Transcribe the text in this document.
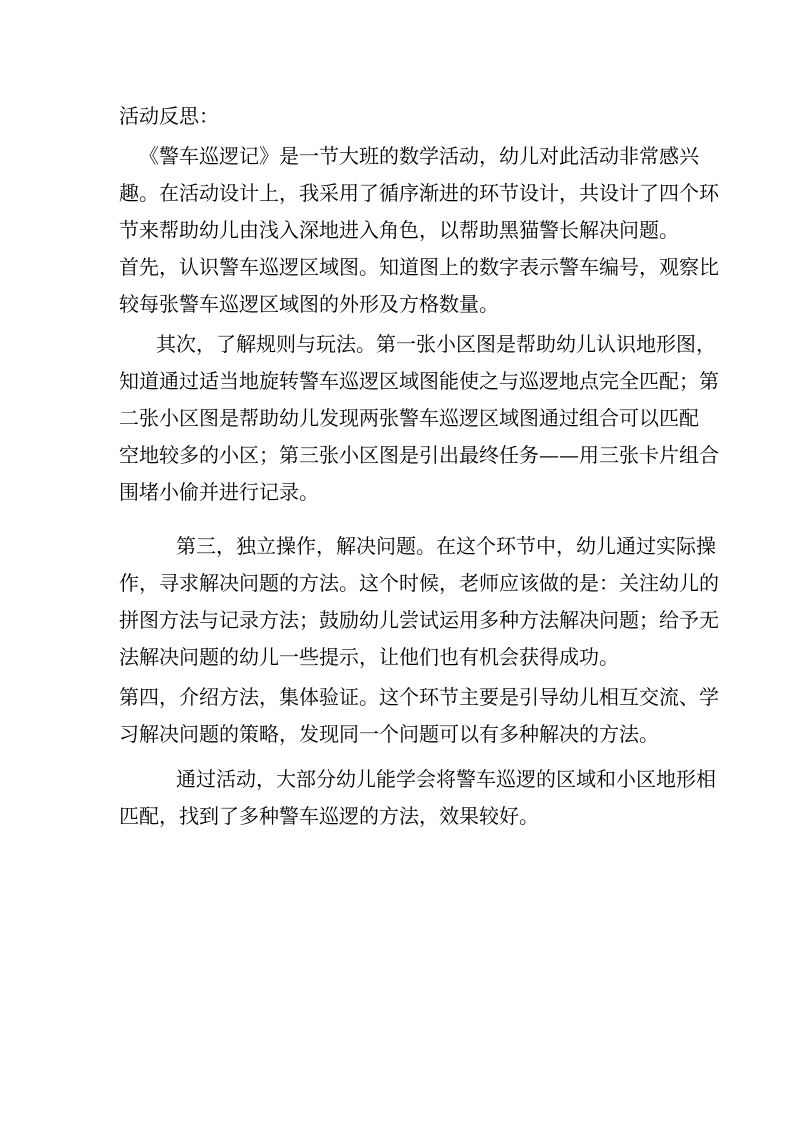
活动反思：
《警车巡逻记》是一节大班的数学活动，幼儿对此活动非常感兴
趣。在活动设计上，我采用了循序渐进的环节设计，共设计了四个环
节来帮助幼儿由浅入深地进入角色，以帮助黑猫警长解决问题。
首先，认识警车巡逻区域图。知道图上的数字表示警车编号，观察比
较每张警车巡逻区域图的外形及方格数量。
其次，了解规则与玩法。第一张小区图是帮助幼儿认识地形图，
知道通过适当地旋转警车巡逻区域图能使之与巡逻地点完全匹配；第
二张小区图是帮助幼儿发现两张警车巡逻区域图通过组合可以匹配
空地较多的小区；第三张小区图是引出最终任务——用三张卡片组合
围堵小偷并进行记录。
第三，独立操作，解决问题。在这个环节中，幼儿通过实际操
作，寻求解决问题的方法。这个时候，老师应该做的是：关注幼儿的
拼图方法与记录方法；鼓励幼儿尝试运用多种方法解决问题；给予无
法解决问题的幼儿一些提示，让他们也有机会获得成功。
第四，介绍方法，集体验证。这个环节主要是引导幼儿相互交流、学
习解决问题的策略，发现同一个问题可以有多种解决的方法。
通过活动，大部分幼儿能学会将警车巡逻的区域和小区地形相
匹配，找到了多种警车巡逻的方法，效果较好。
